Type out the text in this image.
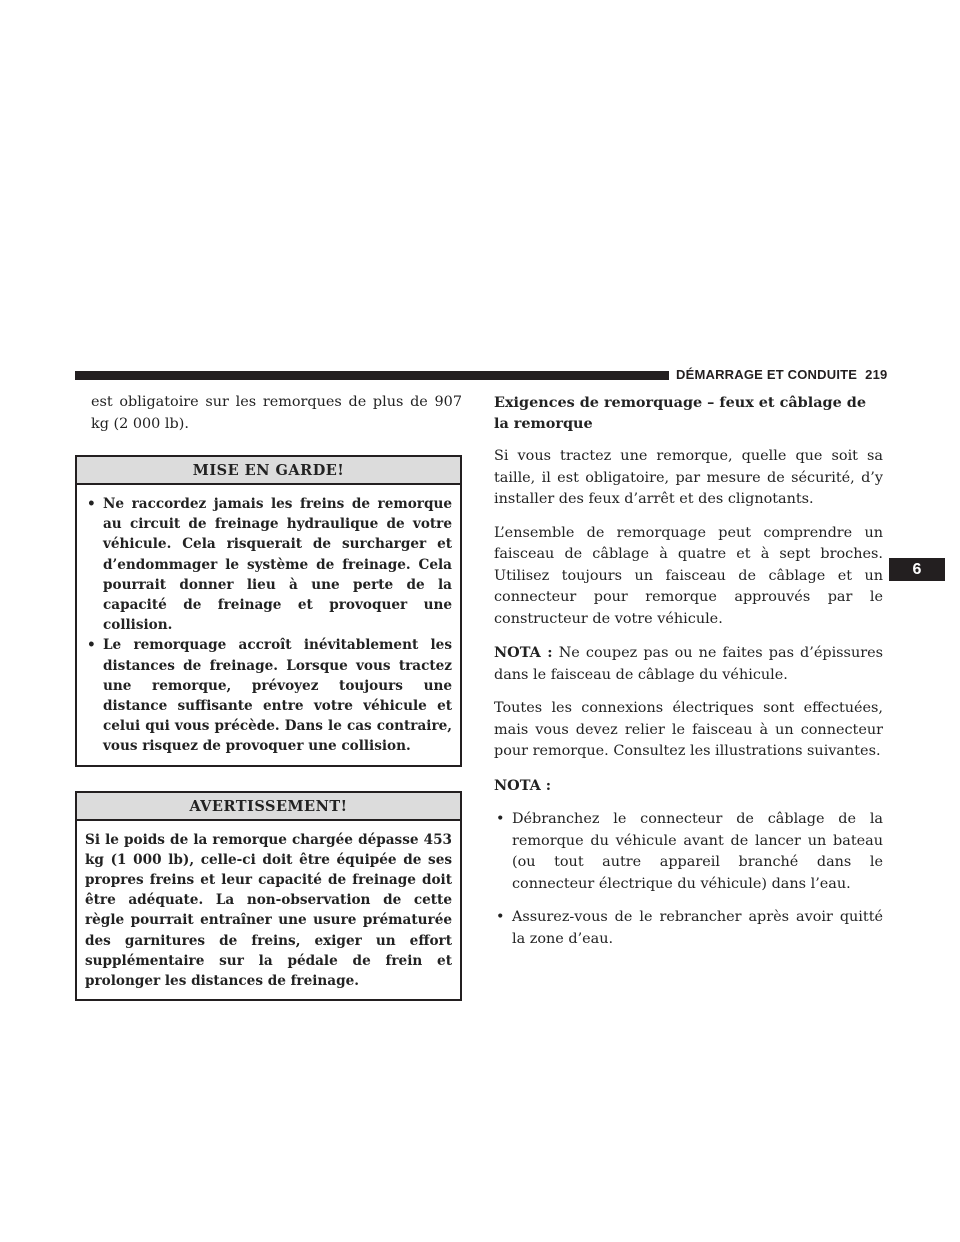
DÉMARRAGE ET CONDUITE 219
6

est obligatoire sur les remorques de plus de 907 kg (2 000 lb).

MISE EN GARDE!
• Ne raccordez jamais les freins de remorque au circuit de freinage hydraulique de votre véhicule. Cela risquerait de surcharger et d’endommager le système de freinage. Cela pourrait donner lieu à une perte de la capacité de freinage et provoquer une collision.
• Le remorquage accroît inévitablement les distances de freinage. Lorsque vous tractez une remorque, prévoyez toujours une distance suffisante entre votre véhicule et celui qui vous précède. Dans le cas contraire, vous risquez de provoquer une collision.
AVERTISSEMENT!

Si le poids de la remorque chargée dépasse 453 kg (1 000 lb), celle-ci doit être équipée de ses propres freins et leur capacité de freinage doit être adéquate. La non-observation de cette règle pourrait entraîner une usure prématurée des garnitures de freins, exiger un effort supplémentaire sur la pédale de frein et prolonger les distances de freinage.

Exigences de remorquage – feux et câblage de la remorque

Si vous tractez une remorque, quelle que soit sa taille, il est obligatoire, par mesure de sécurité, d’y installer des feux d’arrêt et des clignotants.

L’ensemble de remorquage peut comprendre un faisceau de câblage à quatre et à sept broches. Utilisez toujours un faisceau de câblage et un connecteur pour remorque approuvés par le constructeur de votre véhicule.

NOTA : Ne coupez pas ou ne faites pas d’épissures dans le faisceau de câblage du véhicule.

Toutes les connexions électriques sont effectuées, mais vous devez relier le faisceau à un connecteur pour remorque. Consultez les illustrations suivantes.

NOTA :

• Débranchez le connecteur de câblage de la remorque du véhicule avant de lancer un bateau (ou tout autre appareil branché dans le connecteur électrique du véhicule) dans l’eau.
• Assurez-vous de le rebrancher après avoir quitté la zone d’eau.
